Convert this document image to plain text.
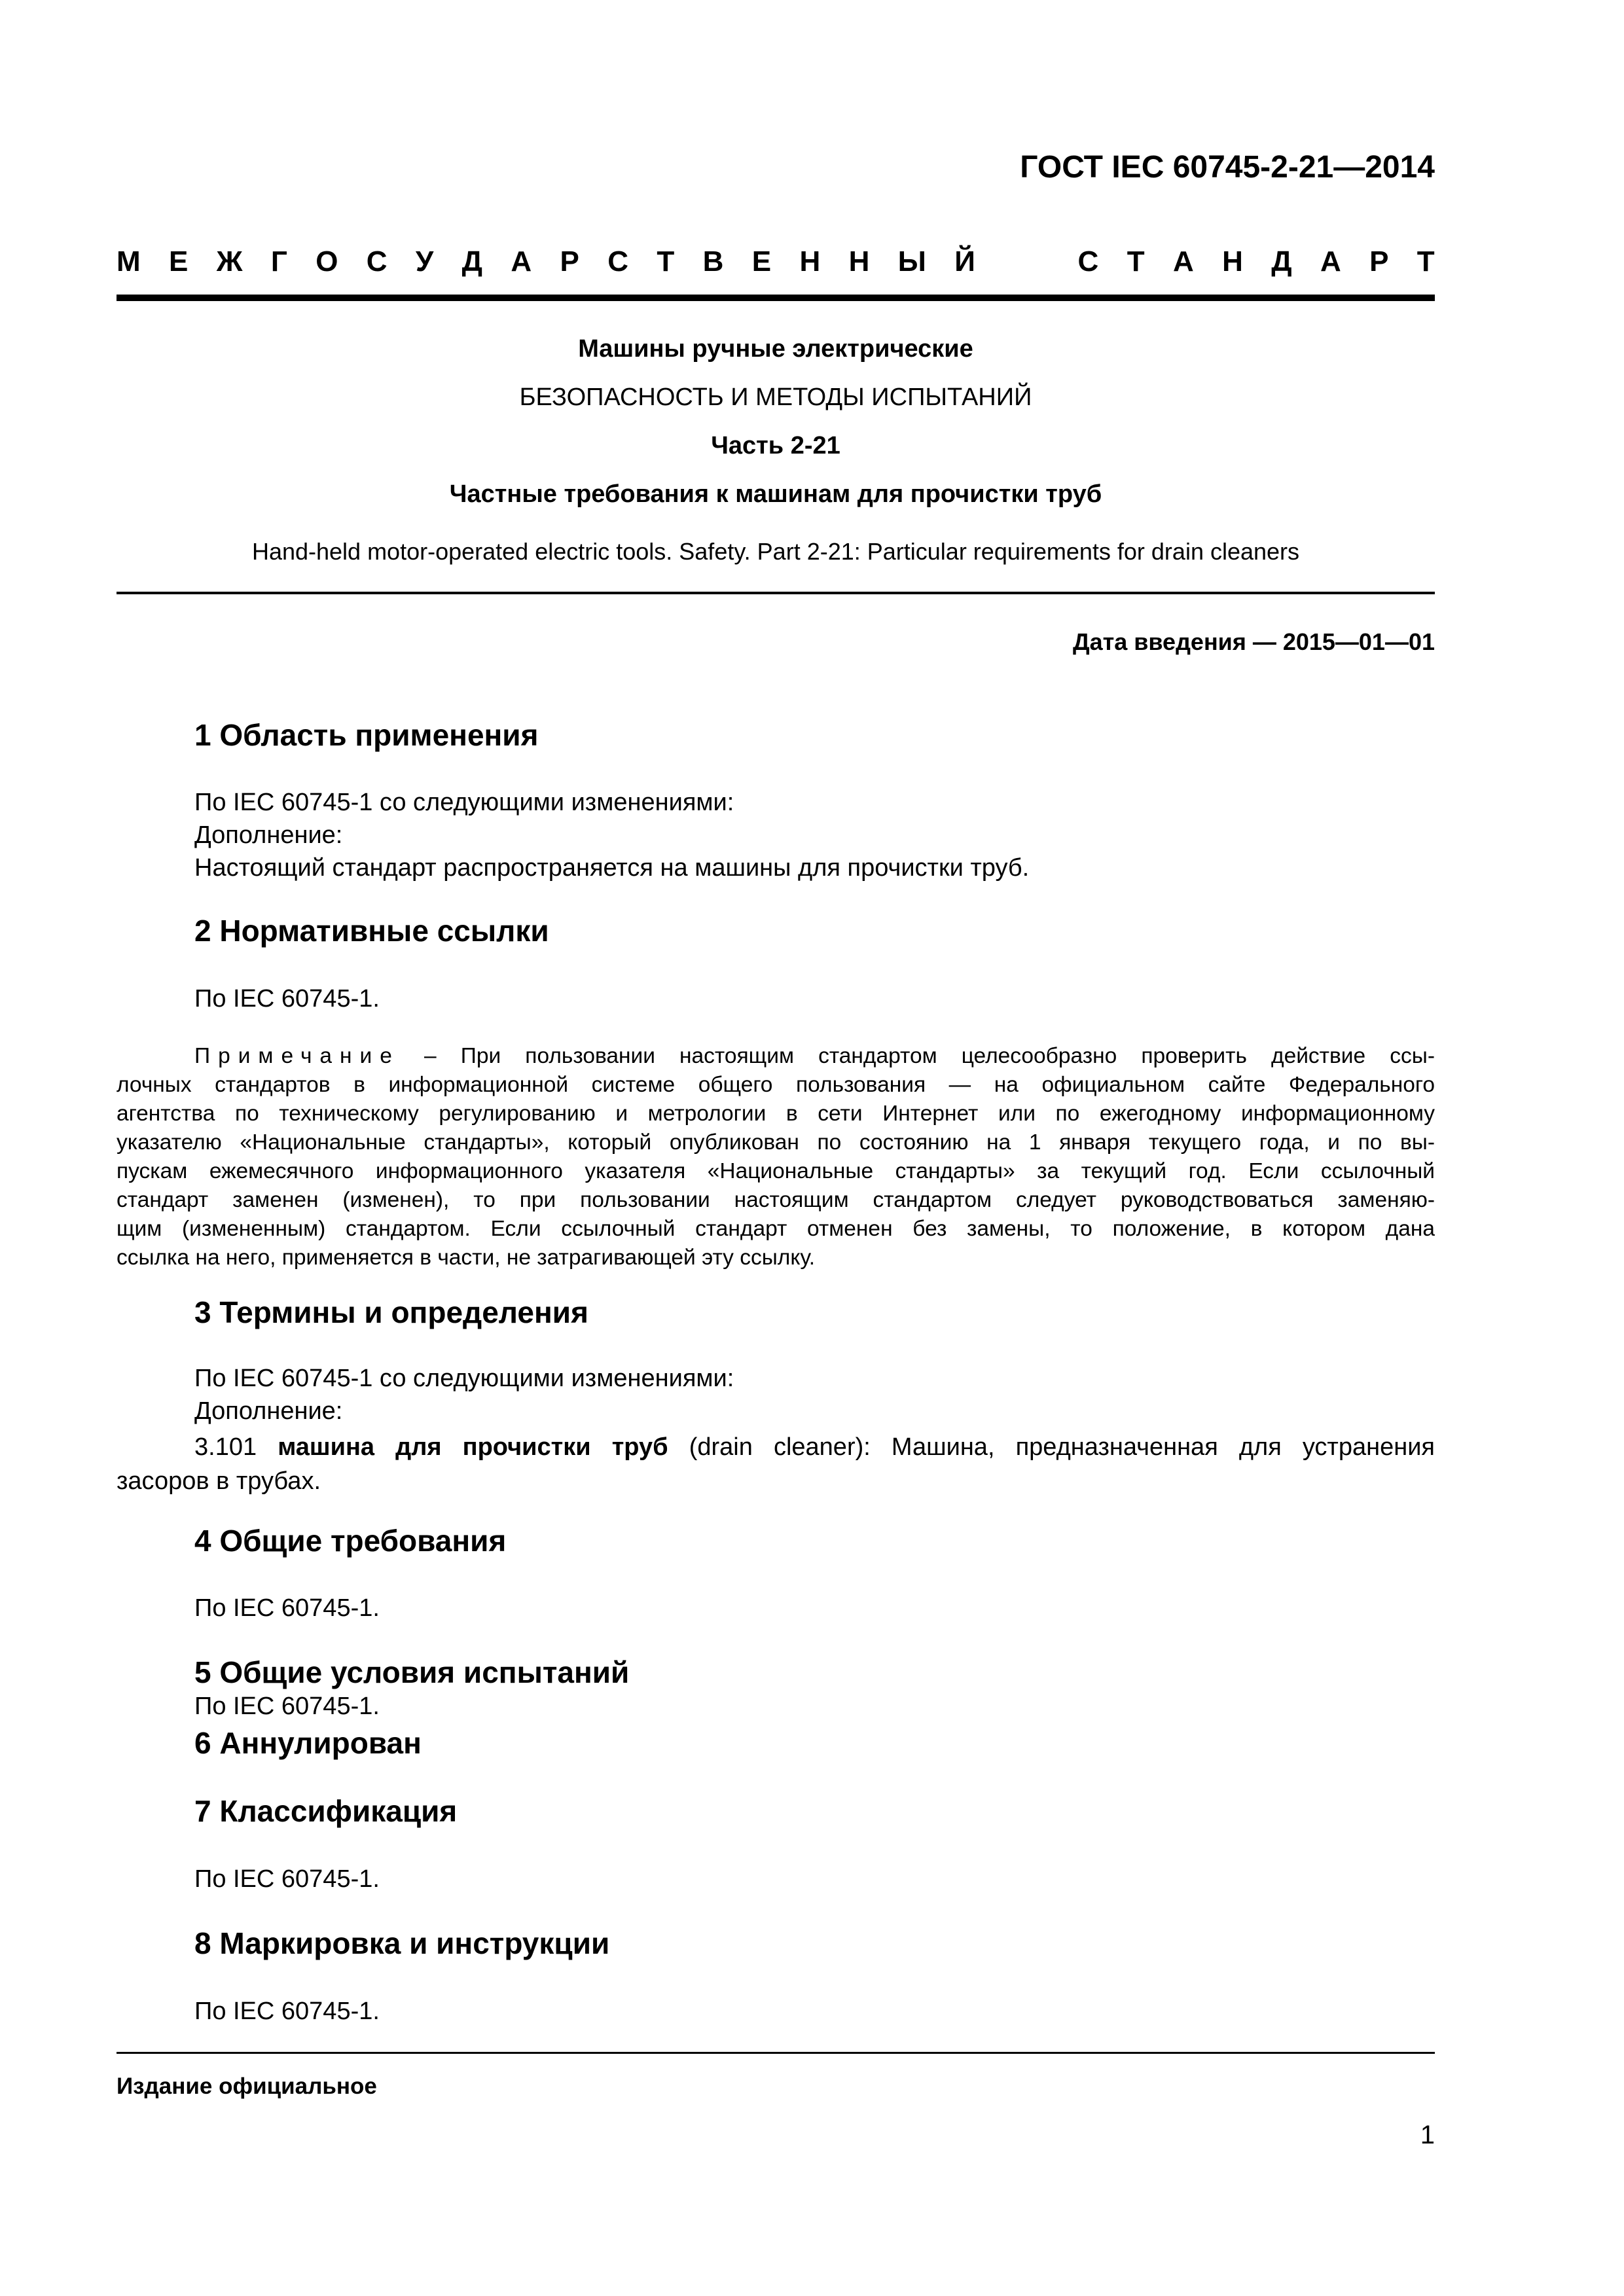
ГОСТ IEC 60745-2-21—2014
М Е Ж Г О С У Д А Р С Т В Е Н Н Ы Й	С Т А Н Д А Р Т
Машины ручные электрические
БЕЗОПАСНОСТЬ И МЕТОДЫ ИСПЫТАНИЙ
Часть 2-21
Частные требования к машинам для прочистки труб
Hand-held motor-operated electric tools. Safety. Part 2-21: Particular requirements for drain cleaners
Дата введения — 2015—01—01
1 Область применения
По IEC 60745-1 со следующими изменениями:
Дополнение:
Настоящий стандарт распространяется на машины для прочистки труб.
2 Нормативные ссылки
По IEC 60745-1.
Примечание – При пользовании настоящим стандартом целесообразно проверить действие ссы-
лочных стандартов в информационной системе общего пользования — на официальном сайте Федерального
агентства по техническому регулированию и метрологии в сети Интернет или по ежегодному информационному
указателю «Национальные стандарты», который опубликован по состоянию на 1 января текущего года, и по вы-
пускам ежемесячного информационного указателя «Национальные стандарты» за текущий год. Если ссылочный
стандарт заменен (изменен), то при пользовании настоящим стандартом следует руководствоваться заменяю-
щим (измененным) стандартом. Если ссылочный стандарт отменен без замены, то положение, в котором дана
ссылка на него, применяется в части, не затрагивающей эту ссылку.
3 Термины и определения
По IEC 60745-1 со следующими изменениями:
Дополнение:
3.101 машина для прочистки труб (drain cleaner): Машина, предназначенная для устранения
засоров в трубах.
4 Общие требования
По IEC 60745-1.
5 Общие условия испытаний
По IEC 60745-1.
6 Аннулирован
7 Классификация
По IEC 60745-1.
8 Маркировка и инструкции
По IEC 60745-1.
Издание официальное
1
